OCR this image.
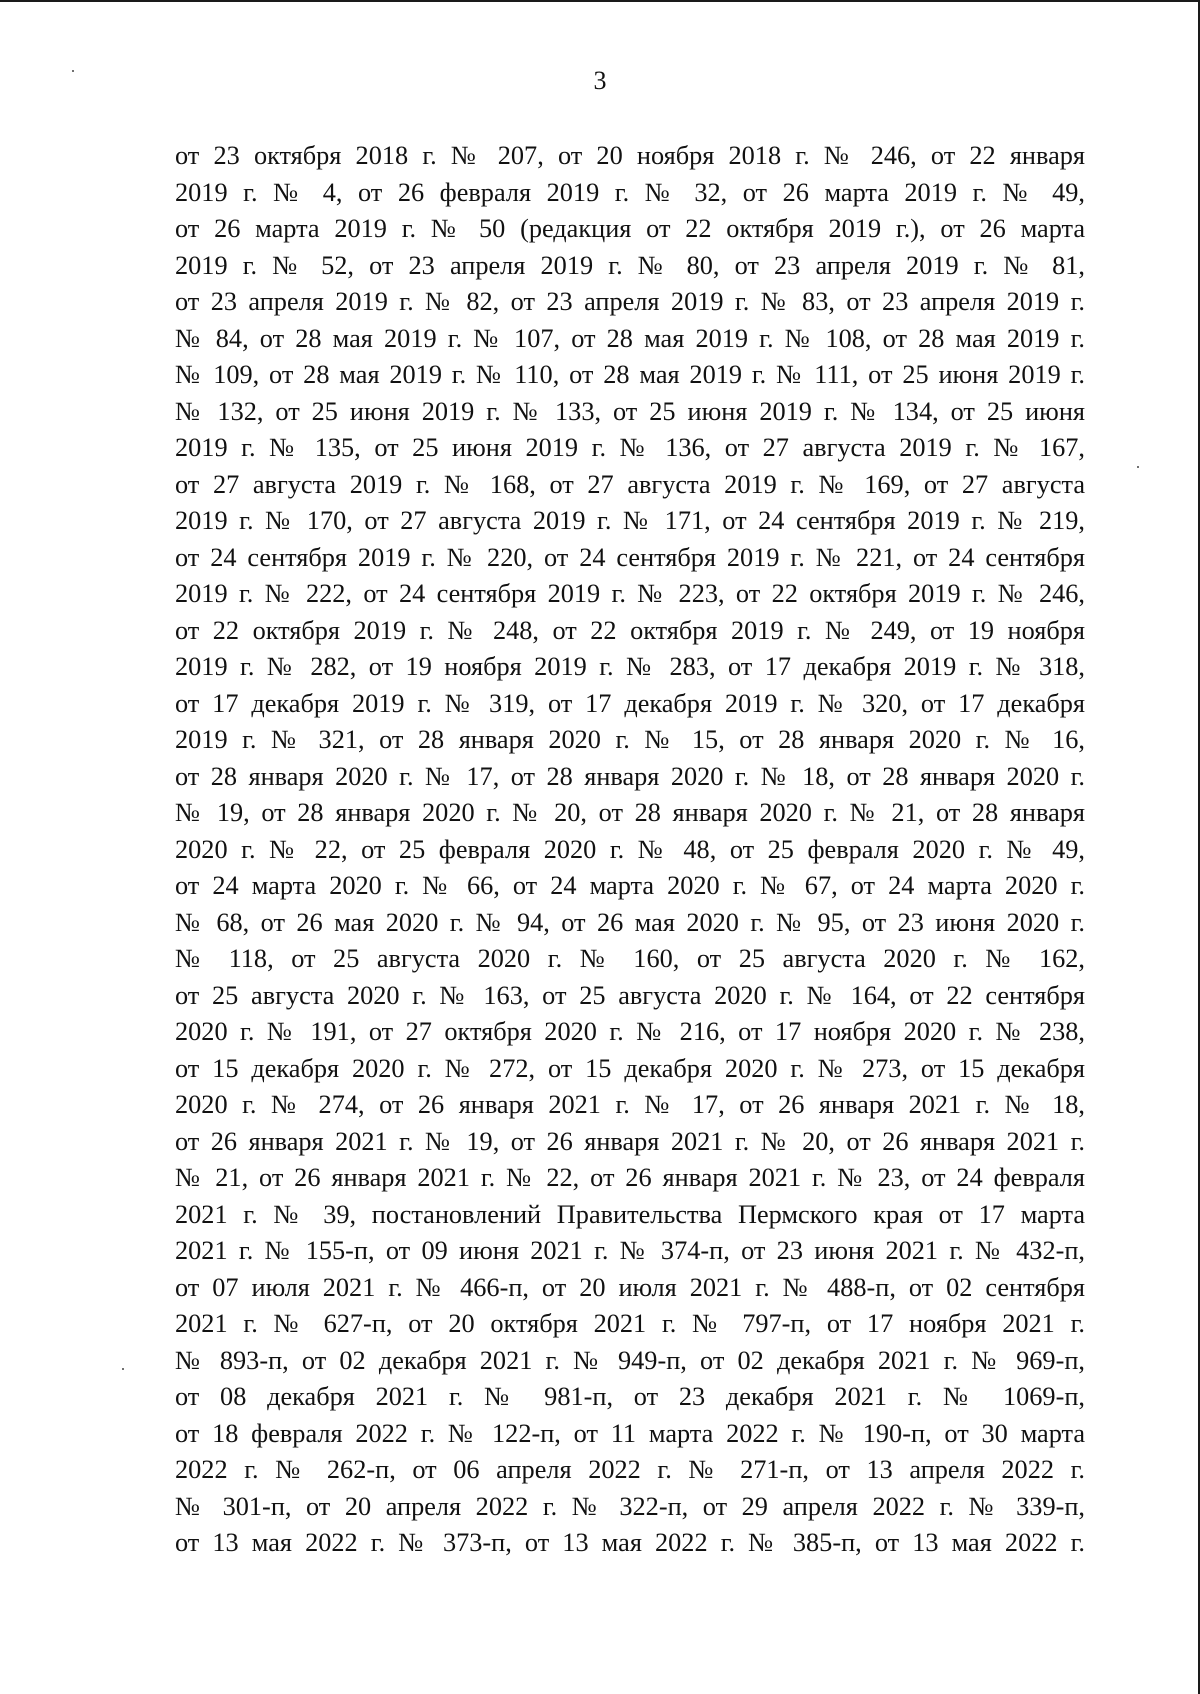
3
от 23 октября 2018 г. № 207, от 20 ноября 2018 г. № 246, от 22 января
2019 г. № 4, от 26 февраля 2019 г. № 32, от 26 марта 2019 г. № 49,
от 26 марта 2019 г. № 50 (редакция от 22 октября 2019 г.), от 26 марта
2019 г. № 52, от 23 апреля 2019 г. № 80, от 23 апреля 2019 г. № 81,
от 23 апреля 2019 г. № 82, от 23 апреля 2019 г. № 83, от 23 апреля 2019 г.
№ 84, от 28 мая 2019 г. № 107, от 28 мая 2019 г. № 108, от 28 мая 2019 г.
№ 109, от 28 мая 2019 г. № 110, от 28 мая 2019 г. № 111, от 25 июня 2019 г.
№ 132, от 25 июня 2019 г. № 133, от 25 июня 2019 г. № 134, от 25 июня
2019 г. № 135, от 25 июня 2019 г. № 136, от 27 августа 2019 г. № 167,
от 27 августа 2019 г. № 168, от 27 августа 2019 г. № 169, от 27 августа
2019 г. № 170, от 27 августа 2019 г. № 171, от 24 сентября 2019 г. № 219,
от 24 сентября 2019 г. № 220, от 24 сентября 2019 г. № 221, от 24 сентября
2019 г. № 222, от 24 сентября 2019 г. № 223, от 22 октября 2019 г. № 246,
от 22 октября 2019 г. № 248, от 22 октября 2019 г. № 249, от 19 ноября
2019 г. № 282, от 19 ноября 2019 г. № 283, от 17 декабря 2019 г. № 318,
от 17 декабря 2019 г. № 319, от 17 декабря 2019 г. № 320, от 17 декабря
2019 г. № 321, от 28 января 2020 г. № 15, от 28 января 2020 г. № 16,
от 28 января 2020 г. № 17, от 28 января 2020 г. № 18, от 28 января 2020 г.
№ 19, от 28 января 2020 г. № 20, от 28 января 2020 г. № 21, от 28 января
2020 г. № 22, от 25 февраля 2020 г. № 48, от 25 февраля 2020 г. № 49,
от 24 марта 2020 г. № 66, от 24 марта 2020 г. № 67, от 24 марта 2020 г.
№ 68, от 26 мая 2020 г. № 94, от 26 мая 2020 г. № 95, от 23 июня 2020 г.
№ 118, от 25 августа 2020 г. № 160, от 25 августа 2020 г. № 162,
от 25 августа 2020 г. № 163, от 25 августа 2020 г. № 164, от 22 сентября
2020 г. № 191, от 27 октября 2020 г. № 216, от 17 ноября 2020 г. № 238,
от 15 декабря 2020 г. № 272, от 15 декабря 2020 г. № 273, от 15 декабря
2020 г. № 274, от 26 января 2021 г. № 17, от 26 января 2021 г. № 18,
от 26 января 2021 г. № 19, от 26 января 2021 г. № 20, от 26 января 2021 г.
№ 21, от 26 января 2021 г. № 22, от 26 января 2021 г. № 23, от 24 февраля
2021 г. № 39, постановлений Правительства Пермского края от 17 марта
2021 г. № 155-п, от 09 июня 2021 г. № 374-п, от 23 июня 2021 г. № 432-п,
от 07 июля 2021 г. № 466-п, от 20 июля 2021 г. № 488-п, от 02 сентября
2021 г. № 627-п, от 20 октября 2021 г. № 797-п, от 17 ноября 2021 г.
№ 893-п, от 02 декабря 2021 г. № 949-п, от 02 декабря 2021 г. № 969-п,
от 08 декабря 2021 г. № 981-п, от 23 декабря 2021 г. № 1069-п,
от 18 февраля 2022 г. № 122-п, от 11 марта 2022 г. № 190-п, от 30 марта
2022 г. № 262-п, от 06 апреля 2022 г. № 271-п, от 13 апреля 2022 г.
№ 301-п, от 20 апреля 2022 г. № 322-п, от 29 апреля 2022 г. № 339-п,
от 13 мая 2022 г. № 373-п, от 13 мая 2022 г. № 385-п, от 13 мая 2022 г.
